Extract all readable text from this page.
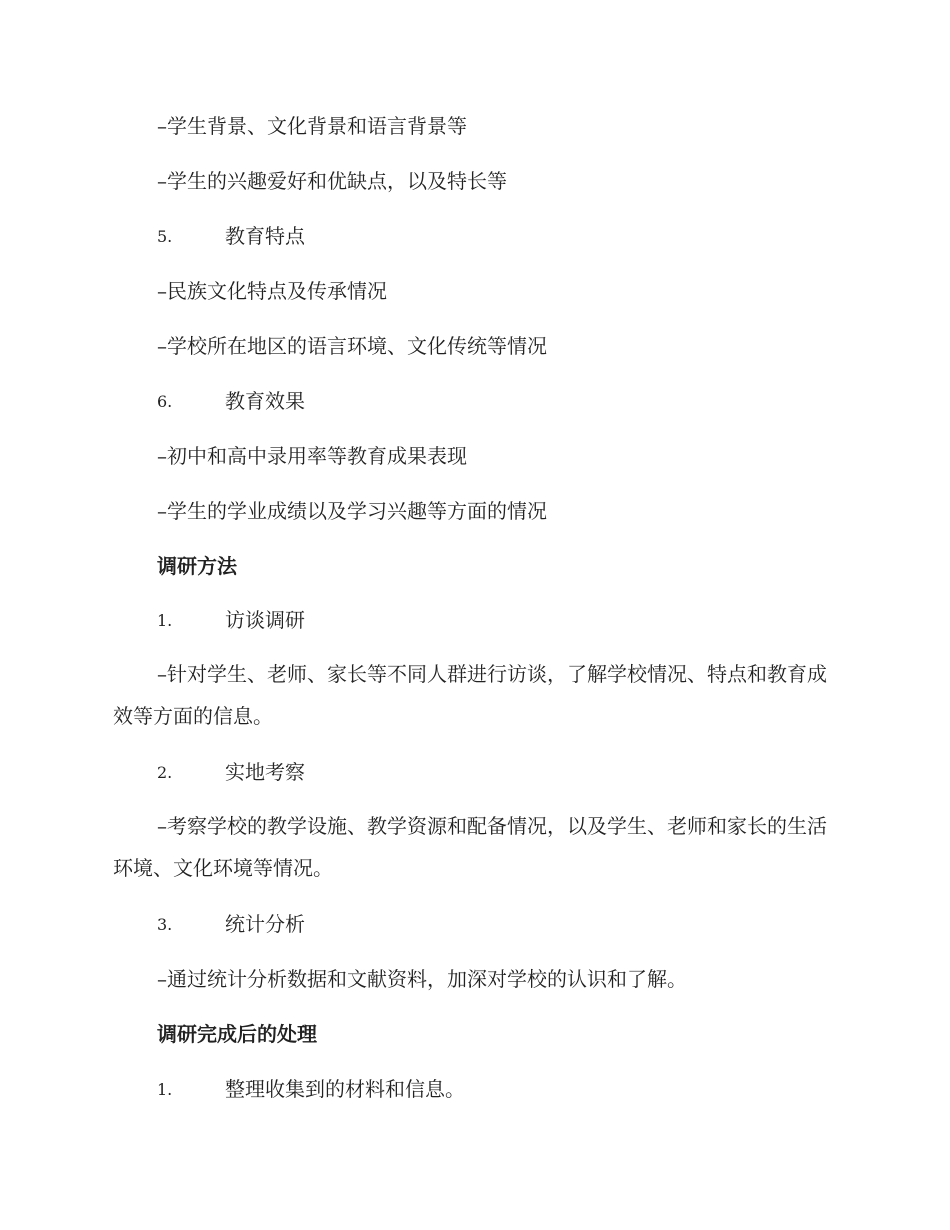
–学生背景、文化背景和语言背景等
–学生的兴趣爱好和优缺点，以及特长等
5.	教育特点
–民族文化特点及传承情况
–学校所在地区的语言环境、文化传统等情况
6.	教育效果
–初中和高中录用率等教育成果表现
–学生的学业成绩以及学习兴趣等方面的情况
调研方法
1.	访谈调研
–针对学生、老师、家长等不同人群进行访谈，了解学校情况、特点和教育成效等方面的信息。
2.	实地考察
–考察学校的教学设施、教学资源和配备情况，以及学生、老师和家长的生活环境、文化环境等情况。
3.	统计分析
–通过统计分析数据和文献资料，加深对学校的认识和了解。
调研完成后的处理
1.	整理收集到的材料和信息。
